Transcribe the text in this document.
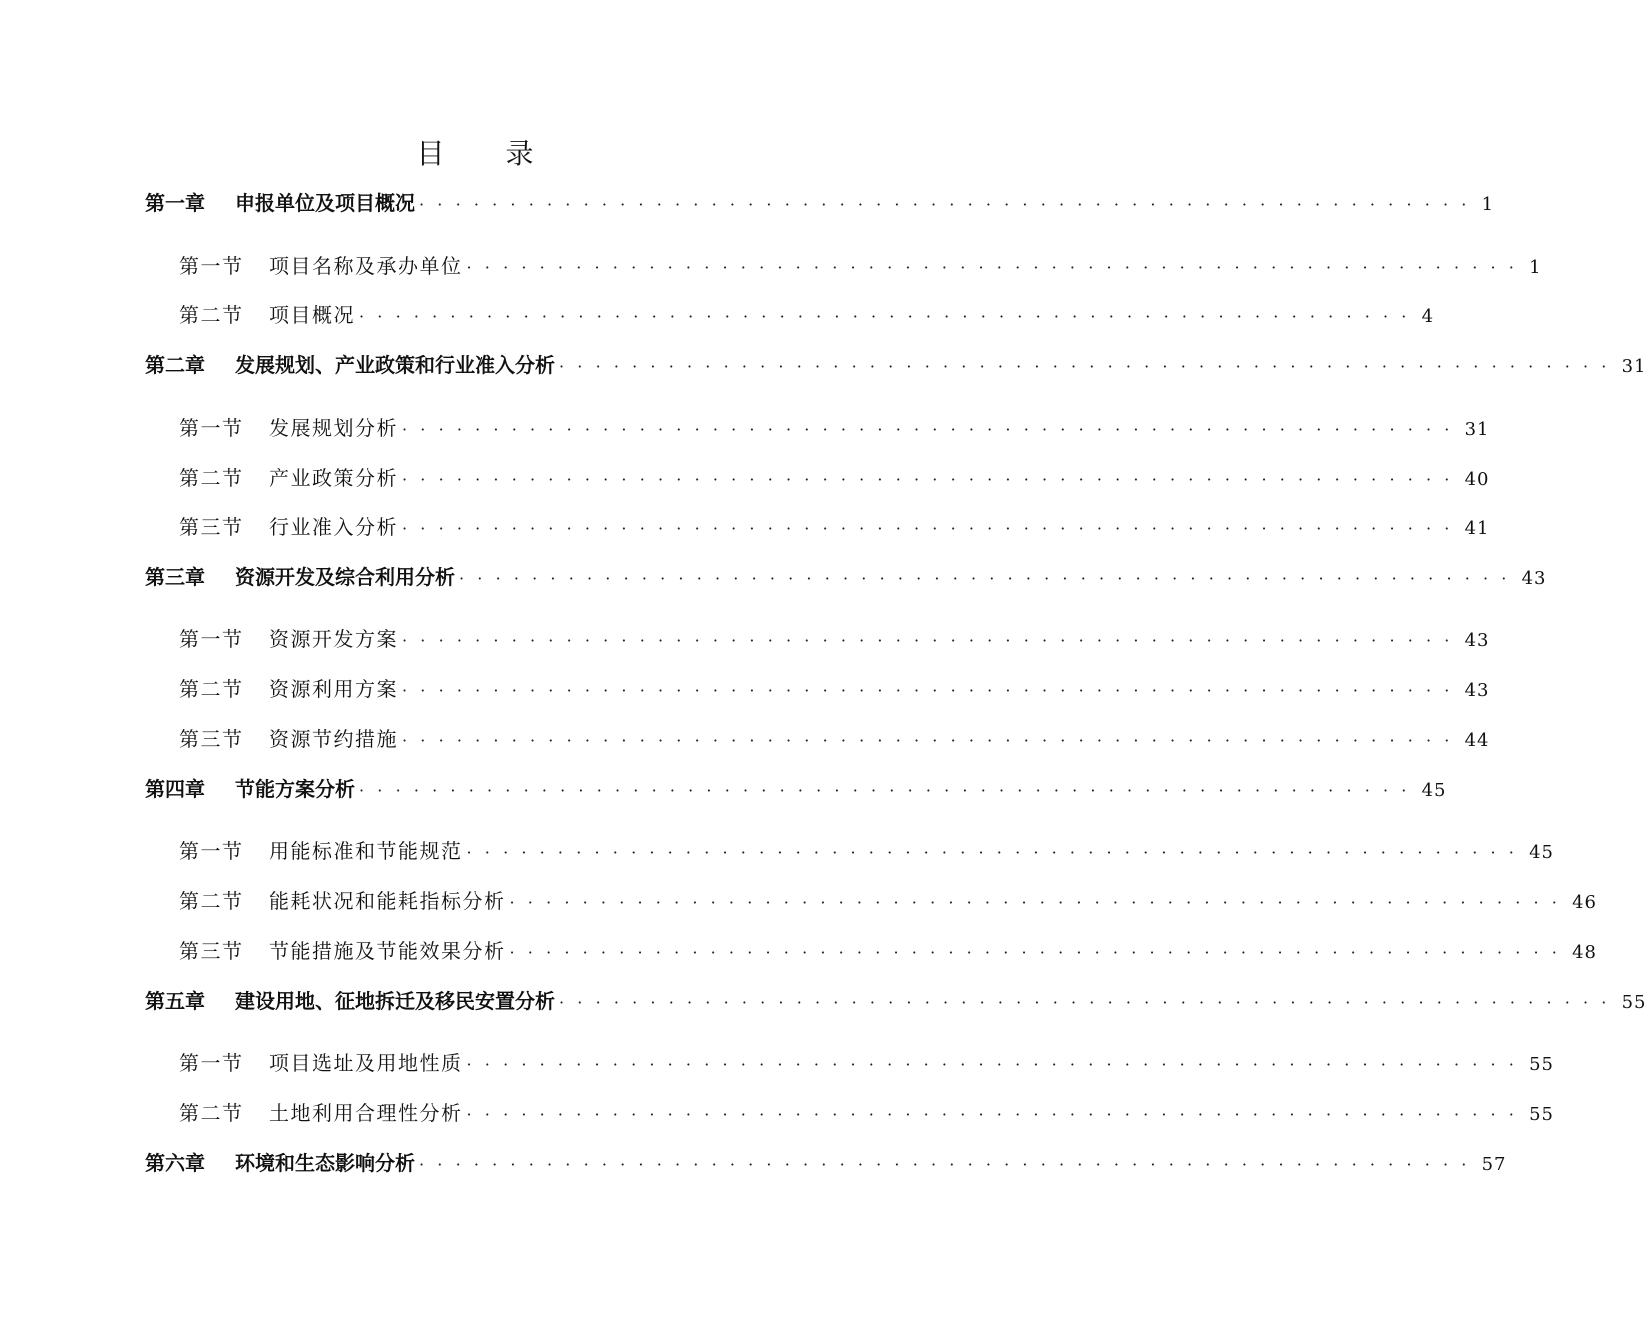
目 录
第一章	申报单位及项目概况 ·························································· 1
第一节	项目名称及承办单位 ·························································· 1
第二节	项目概况 ·························································· 4
第二章	发展规划、产业政策和行业准入分析 ·························································· 31
第一节	发展规划分析 ·························································· 31
第二节	产业政策分析 ·························································· 40
第三节	行业准入分析 ·························································· 41
第三章	资源开发及综合利用分析 ·························································· 43
第一节	资源开发方案 ·························································· 43
第二节	资源利用方案 ·························································· 43
第三节	资源节约措施 ·························································· 44
第四章	节能方案分析 ·························································· 45
第一节	用能标准和节能规范 ·························································· 45
第二节	能耗状况和能耗指标分析 ·························································· 46
第三节	节能措施及节能效果分析 ·························································· 48
第五章	建设用地、征地拆迁及移民安置分析 ·························································· 55
第一节	项目选址及用地性质 ·························································· 55
第二节	土地利用合理性分析 ·························································· 55
第六章	环境和生态影响分析 ·························································· 57
